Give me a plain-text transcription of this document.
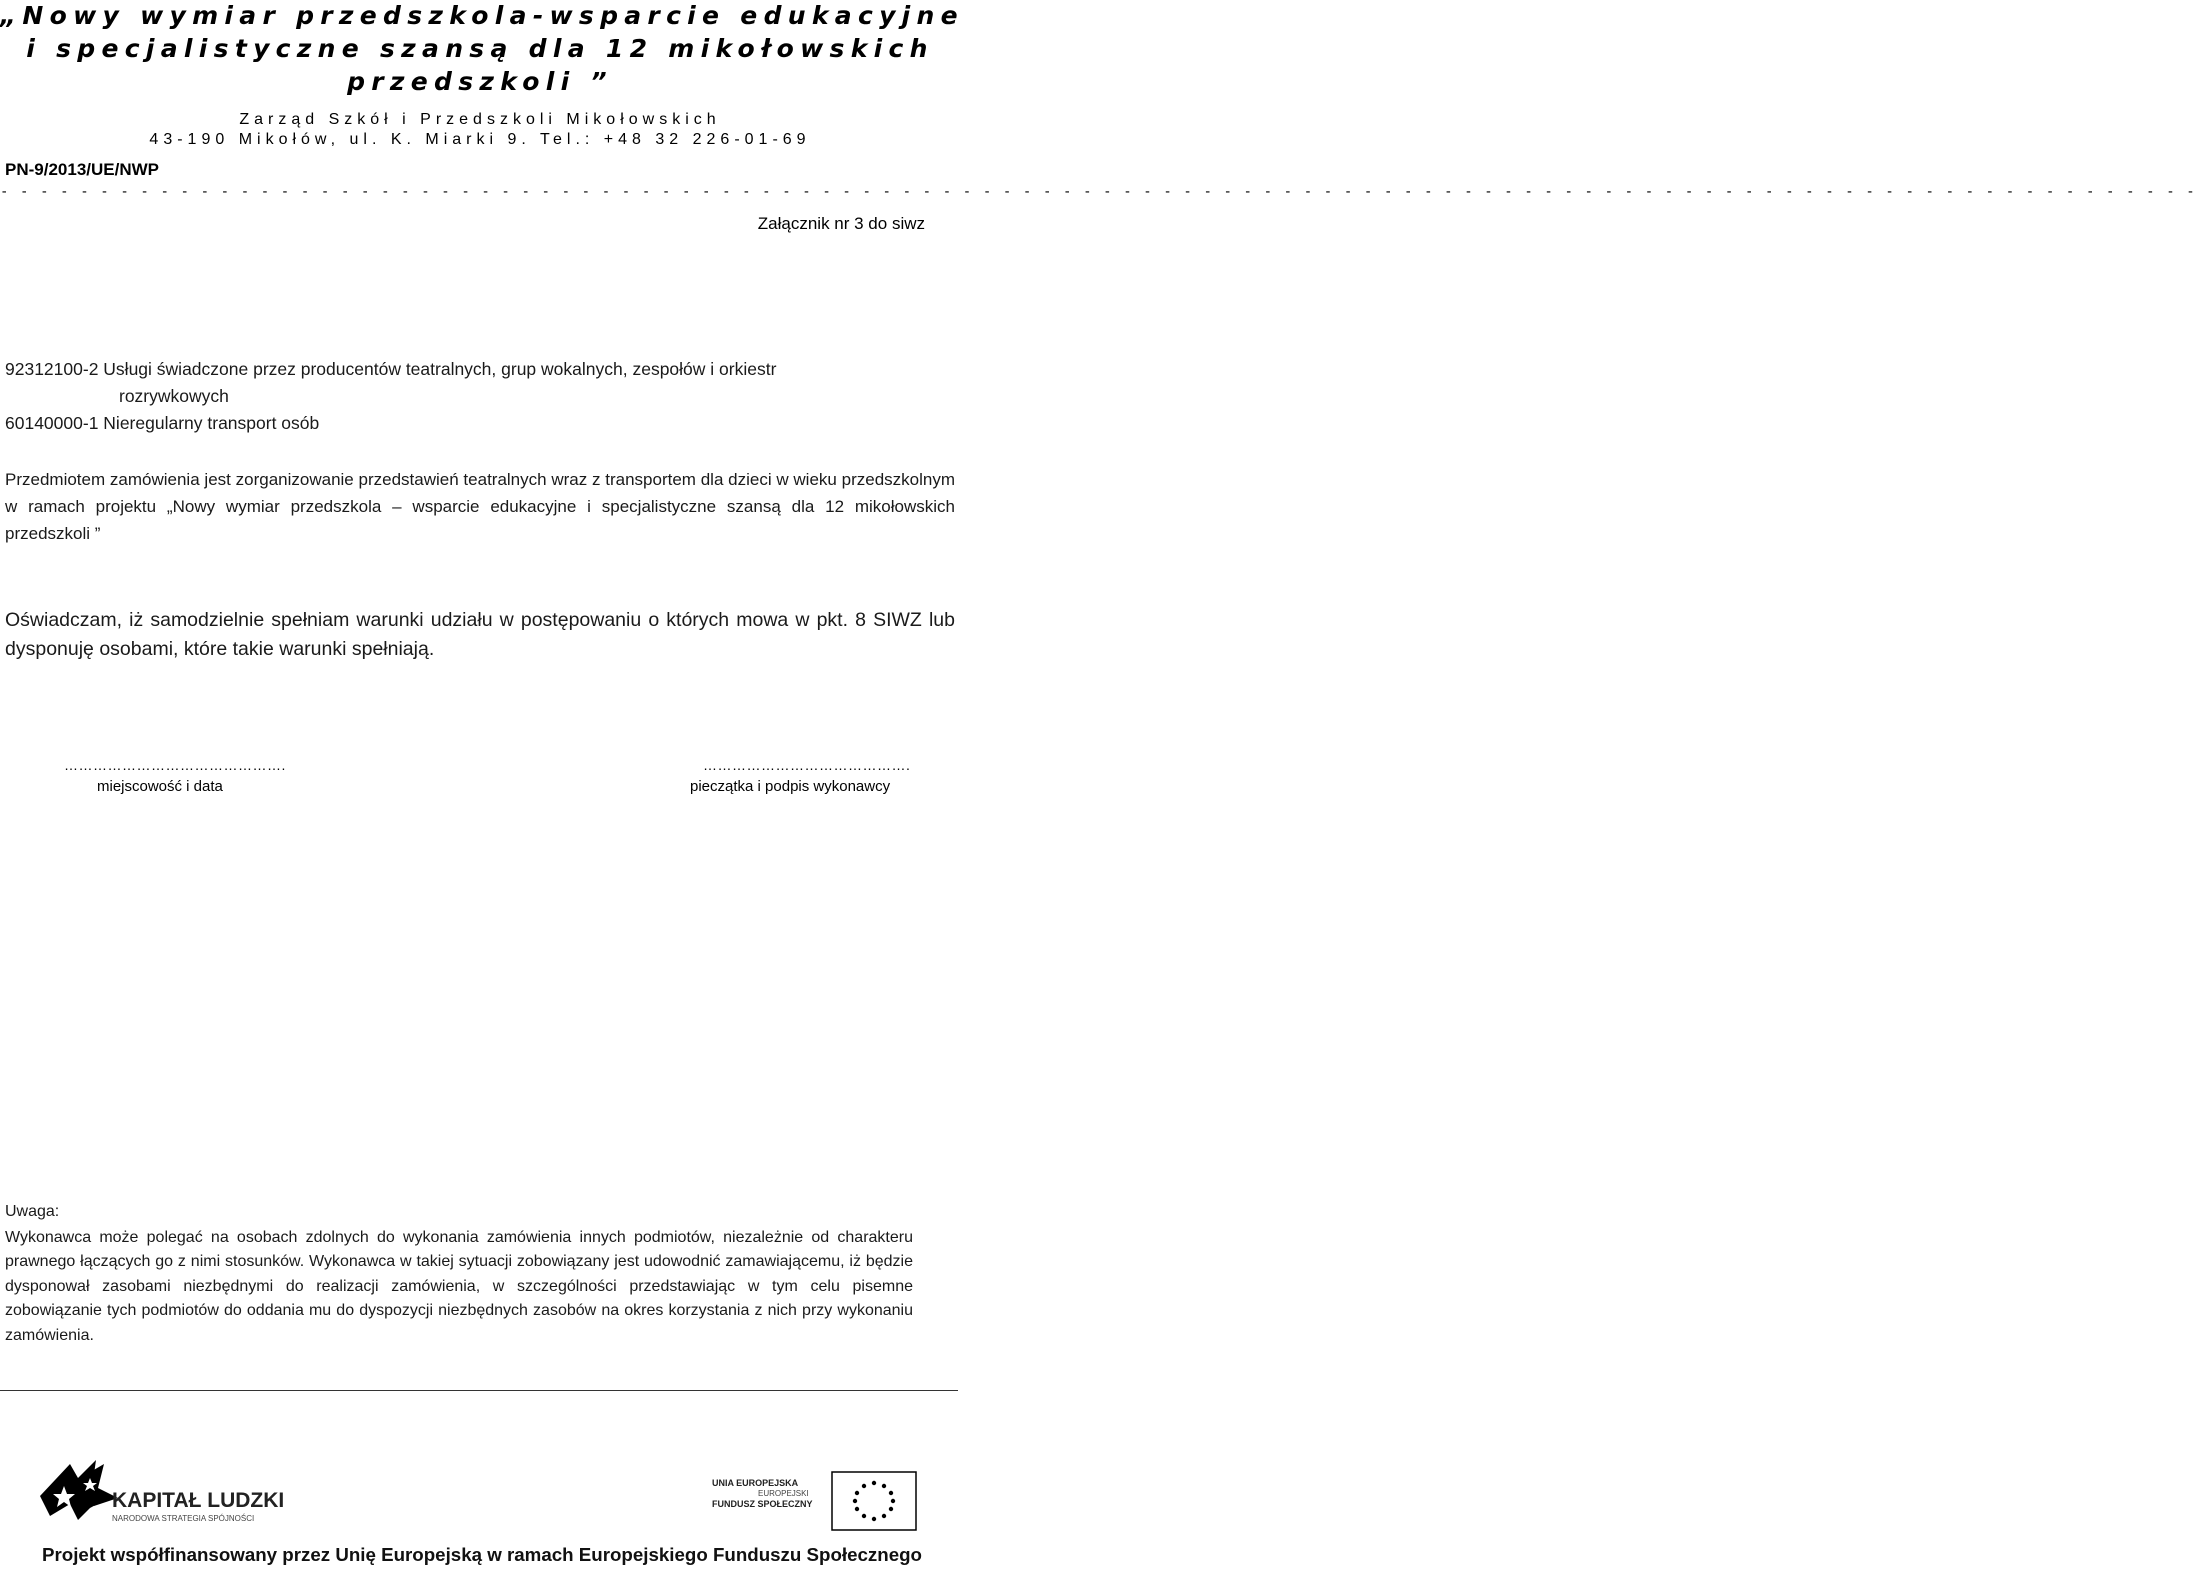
„Nowy wymiar przedszkola-wsparcie edukacyjne
i specjalistyczne szansą dla 12 mikołowskich
przedszkoli ”
Zarząd Szkół i Przedszkoli Mikołowskich
43-190 Mikołów, ul. K. Miarki 9. Tel.: +48 32 226-01-69
PN-9/2013/UE/NWP
- - - - - - - - - - - - - - - - - - - - - - - - - - - - - - - - - - - - - - - - - - - - - - - - - - - - - - - - - - - - - - - - - - - - - - - - - - - - - - - - - - - - - - - - - - - - - - - - - - - - - - - - - - - - - -
Załącznik nr 3 do siwz
92312100-2 Usługi świadczone przez producentów teatralnych, grup wokalnych, zespołów i orkiestr
rozrywkowych
60140000-1 Nieregularny transport osób
Przedmiotem zamówienia jest zorganizowanie przedstawień teatralnych wraz z transportem dla dzieci w wieku przedszkolnym w ramach projektu „Nowy wymiar przedszkola – wsparcie edukacyjne i specjalistyczne szansą dla 12 mikołowskich przedszkoli ”
Oświadczam, iż samodzielnie spełniam warunki udziału w postępowaniu o których mowa w pkt. 8 SIWZ lub dysponuję osobami, które takie warunki spełniają.
……………………………………….
miejscowość i data
…………………………………….
pieczątka i podpis wykonawcy
Uwaga:
Wykonawca może polegać na osobach zdolnych do wykonania zamówienia innych podmiotów, niezależnie od charakteru prawnego łączących go z nimi stosunków. Wykonawca w takiej sytuacji zobowiązany jest udowodnić zamawiającemu, iż będzie dysponował zasobami niezbędnymi do realizacji zamówienia, w szczególności przedstawiając w tym celu pisemne zobowiązanie tych podmiotów do oddania mu do dyspozycji niezbędnych zasobów na okres korzystania z nich przy wykonaniu zamówienia.
KAPITAŁ LUDZKI
NARODOWA STRATEGIA SPÓJNOŚCI
UNIA EUROPEJSKA
EUROPEJSKI
FUNDUSZ SPOŁECZNY
Projekt współfinansowany przez Unię Europejską w ramach Europejskiego Funduszu Społecznego
